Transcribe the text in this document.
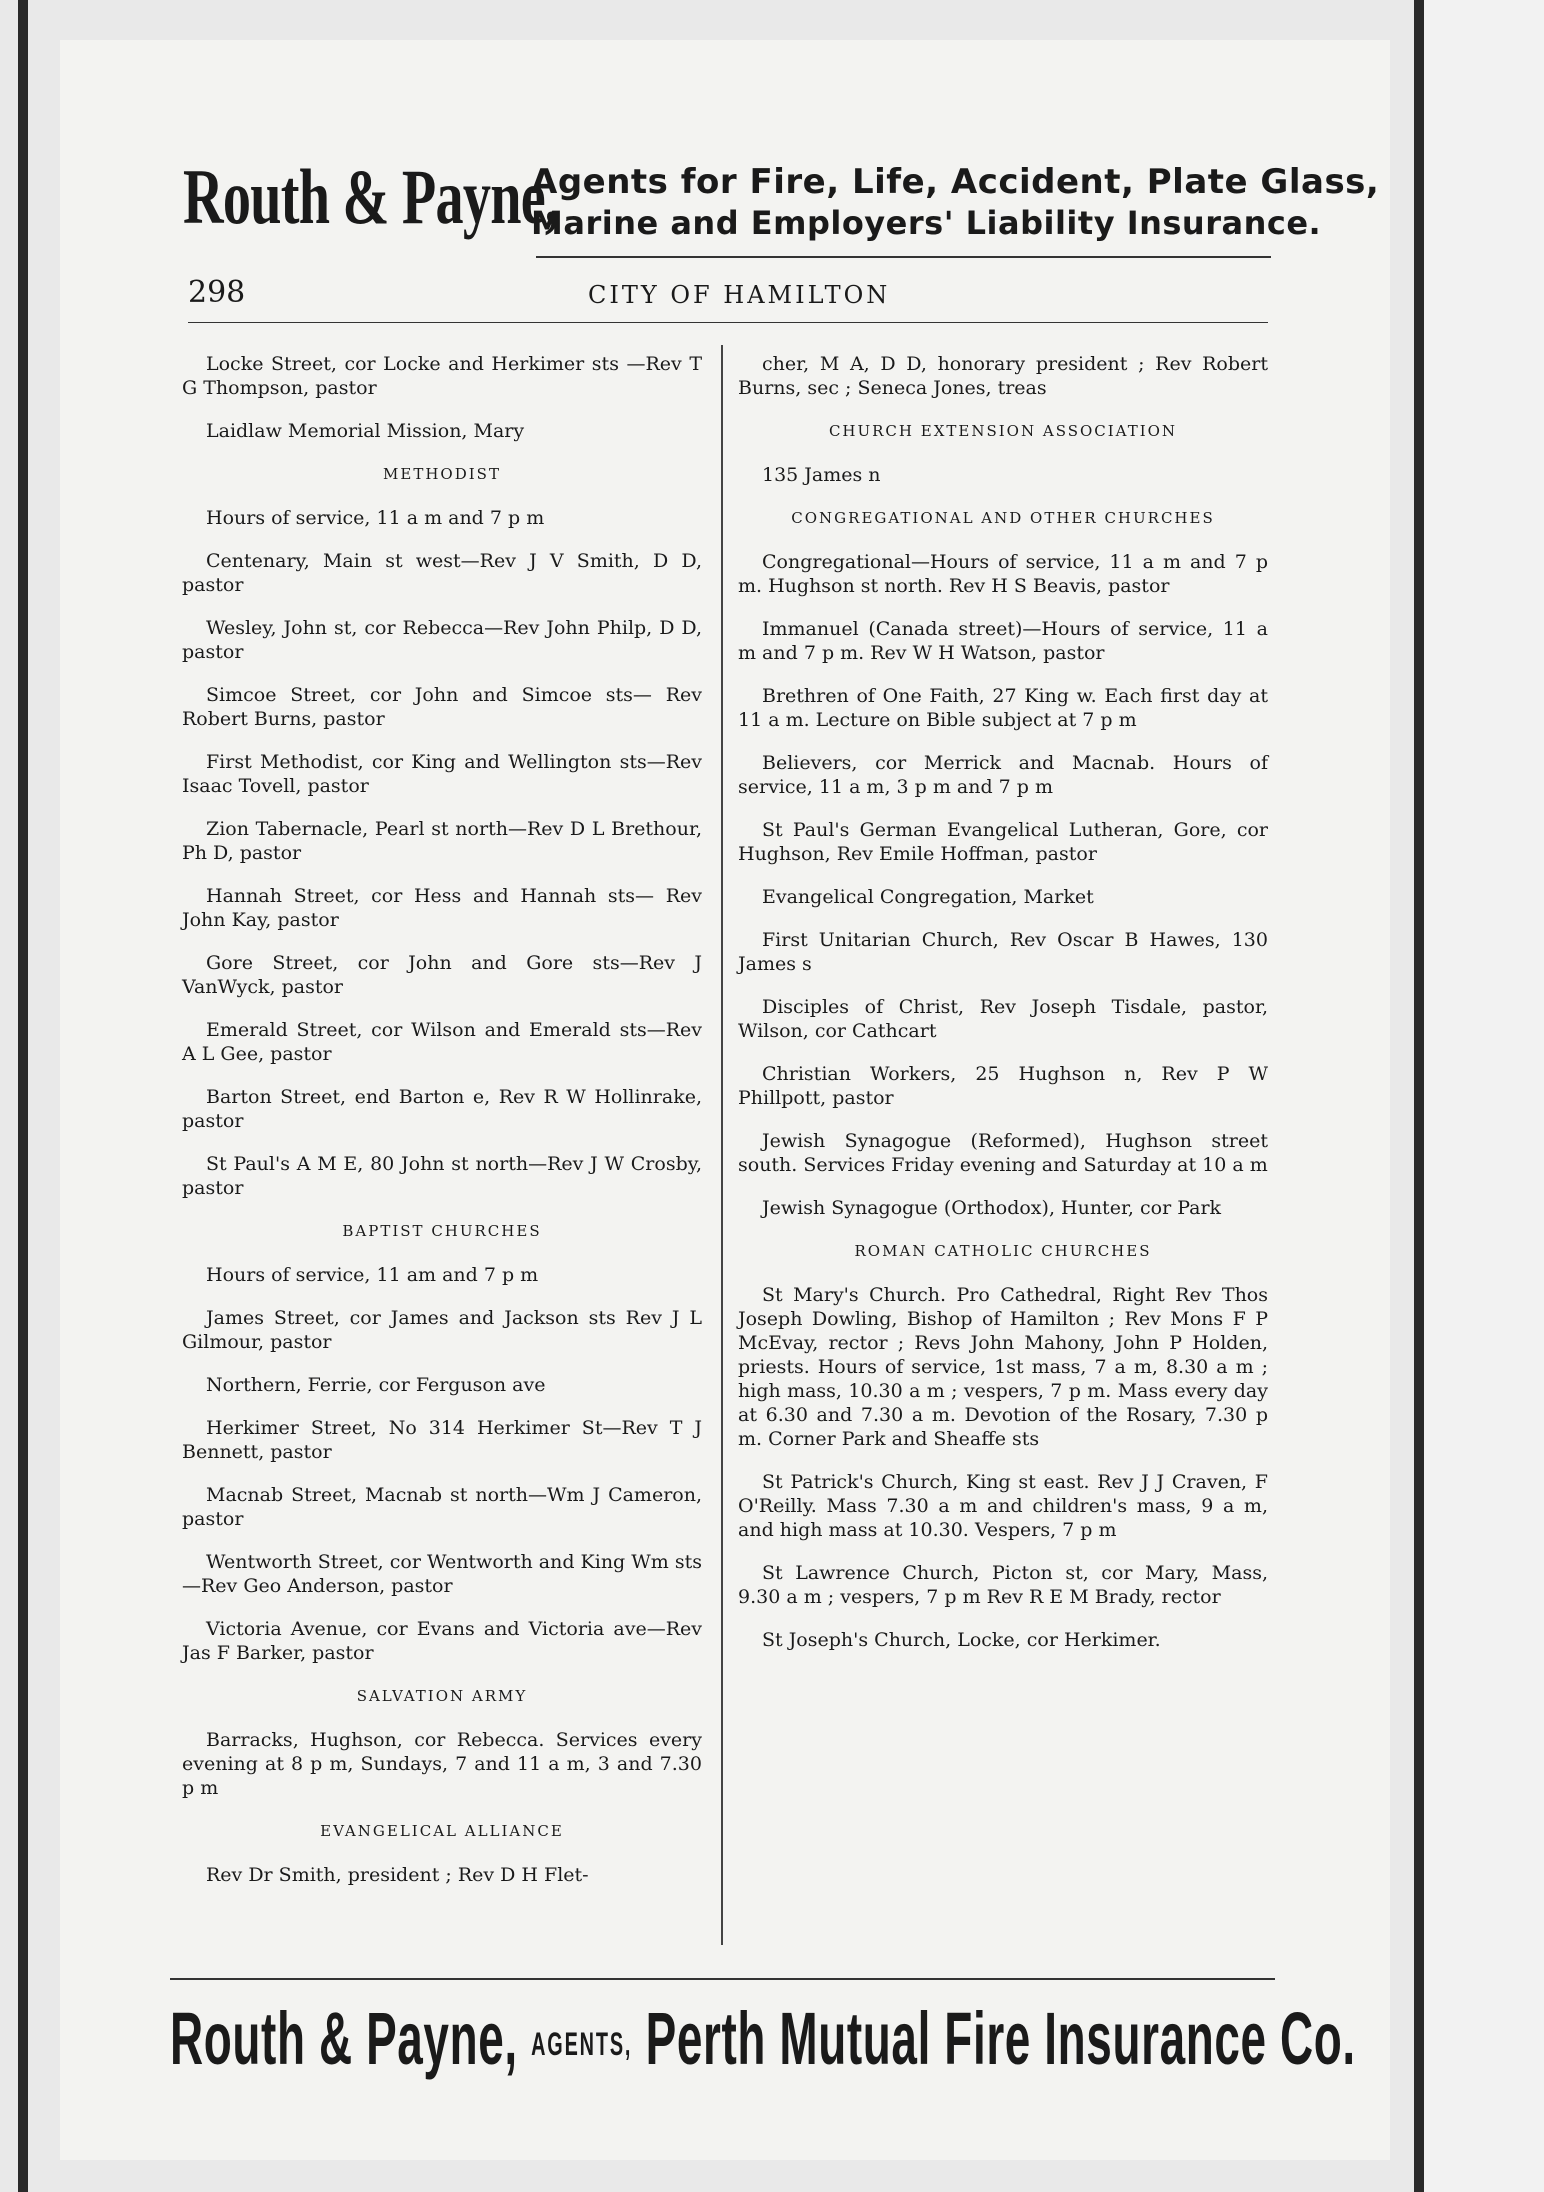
Routh & Payne,
Agents for Fire, Life, Accident, Plate Glass,
Marine and Employers' Liability Insurance.
298	CITY OF HAMILTON
Locke Street, cor Locke and Herkimer sts —Rev T G Thompson, pastor
Laidlaw Memorial Mission, Mary
METHODIST
Hours of service, 11 a m and 7 p m
Centenary, Main st west—Rev J V Smith, D D, pastor
Wesley, John st, cor Rebecca—Rev John Philp, D D, pastor
Simcoe Street, cor John and Simcoe sts— Rev Robert Burns, pastor
First Methodist, cor King and Wellington sts—Rev Isaac Tovell, pastor
Zion Tabernacle, Pearl st north—Rev D L Brethour, Ph D, pastor
Hannah Street, cor Hess and Hannah sts— Rev John Kay, pastor
Gore Street, cor John and Gore sts—Rev J VanWyck, pastor
Emerald Street, cor Wilson and Emerald sts—Rev A L Gee, pastor
Barton Street, end Barton e, Rev R W Hollinrake, pastor
St Paul's A M E, 80 John st north—Rev J W Crosby, pastor
BAPTIST CHURCHES
Hours of service, 11 am and 7 p m
James Street, cor James and Jackson sts Rev J L Gilmour, pastor
Northern, Ferrie, cor Ferguson ave
Herkimer Street, No 314 Herkimer St—Rev T J Bennett, pastor
Macnab Street, Macnab st north—Wm J Cameron, pastor
Wentworth Street, cor Wentworth and King Wm sts—Rev Geo Anderson, pastor
Victoria Avenue, cor Evans and Victoria ave—Rev Jas F Barker, pastor
SALVATION ARMY
Barracks, Hughson, cor Rebecca. Services every evening at 8 p m, Sundays, 7 and 11 a m, 3 and 7.30 p m
EVANGELICAL ALLIANCE
Rev Dr Smith, president ; Rev D H Flet-
cher, M A, D D, honorary president ; Rev Robert Burns, sec ; Seneca Jones, treas
CHURCH EXTENSION ASSOCIATION
135 James n
CONGREGATIONAL AND OTHER CHURCHES
Congregational—Hours of service, 11 a m and 7 p m. Hughson st north. Rev H S Beavis, pastor
Immanuel (Canada street)—Hours of service, 11 a m and 7 p m. Rev W H Watson, pastor
Brethren of One Faith, 27 King w. Each first day at 11 a m. Lecture on Bible subject at 7 p m
Believers, cor Merrick and Macnab. Hours of service, 11 a m, 3 p m and 7 p m
St Paul's German Evangelical Lutheran, Gore, cor Hughson, Rev Emile Hoffman, pastor
Evangelical Congregation, Market
First Unitarian Church, Rev Oscar B Hawes, 130 James s
Disciples of Christ, Rev Joseph Tisdale, pastor, Wilson, cor Cathcart
Christian Workers, 25 Hughson n, Rev P W Phillpott, pastor
Jewish Synagogue (Reformed), Hughson street south. Services Friday evening and Saturday at 10 a m
Jewish Synagogue (Orthodox), Hunter, cor Park
ROMAN CATHOLIC CHURCHES
St Mary's Church. Pro Cathedral, Right Rev Thos Joseph Dowling, Bishop of Hamilton ; Rev Mons F P McEvay, rector ; Revs John Mahony, John P Holden, priests. Hours of service, 1st mass, 7 a m, 8.30 a m ; high mass, 10.30 a m ; vespers, 7 p m. Mass every day at 6.30 and 7.30 a m. Devotion of the Rosary, 7.30 p m. Corner Park and Sheaffe sts
St Patrick's Church, King st east. Rev J J Craven, F O'Reilly. Mass 7.30 a m and children's mass, 9 a m, and high mass at 10.30. Vespers, 7 p m
St Lawrence Church, Picton st, cor Mary, Mass, 9.30 a m ; vespers, 7 p m Rev R E M Brady, rector
St Joseph's Church, Locke, cor Herkimer.
Routh & Payne, AGENTS, Perth Mutual Fire Insurance Co.
